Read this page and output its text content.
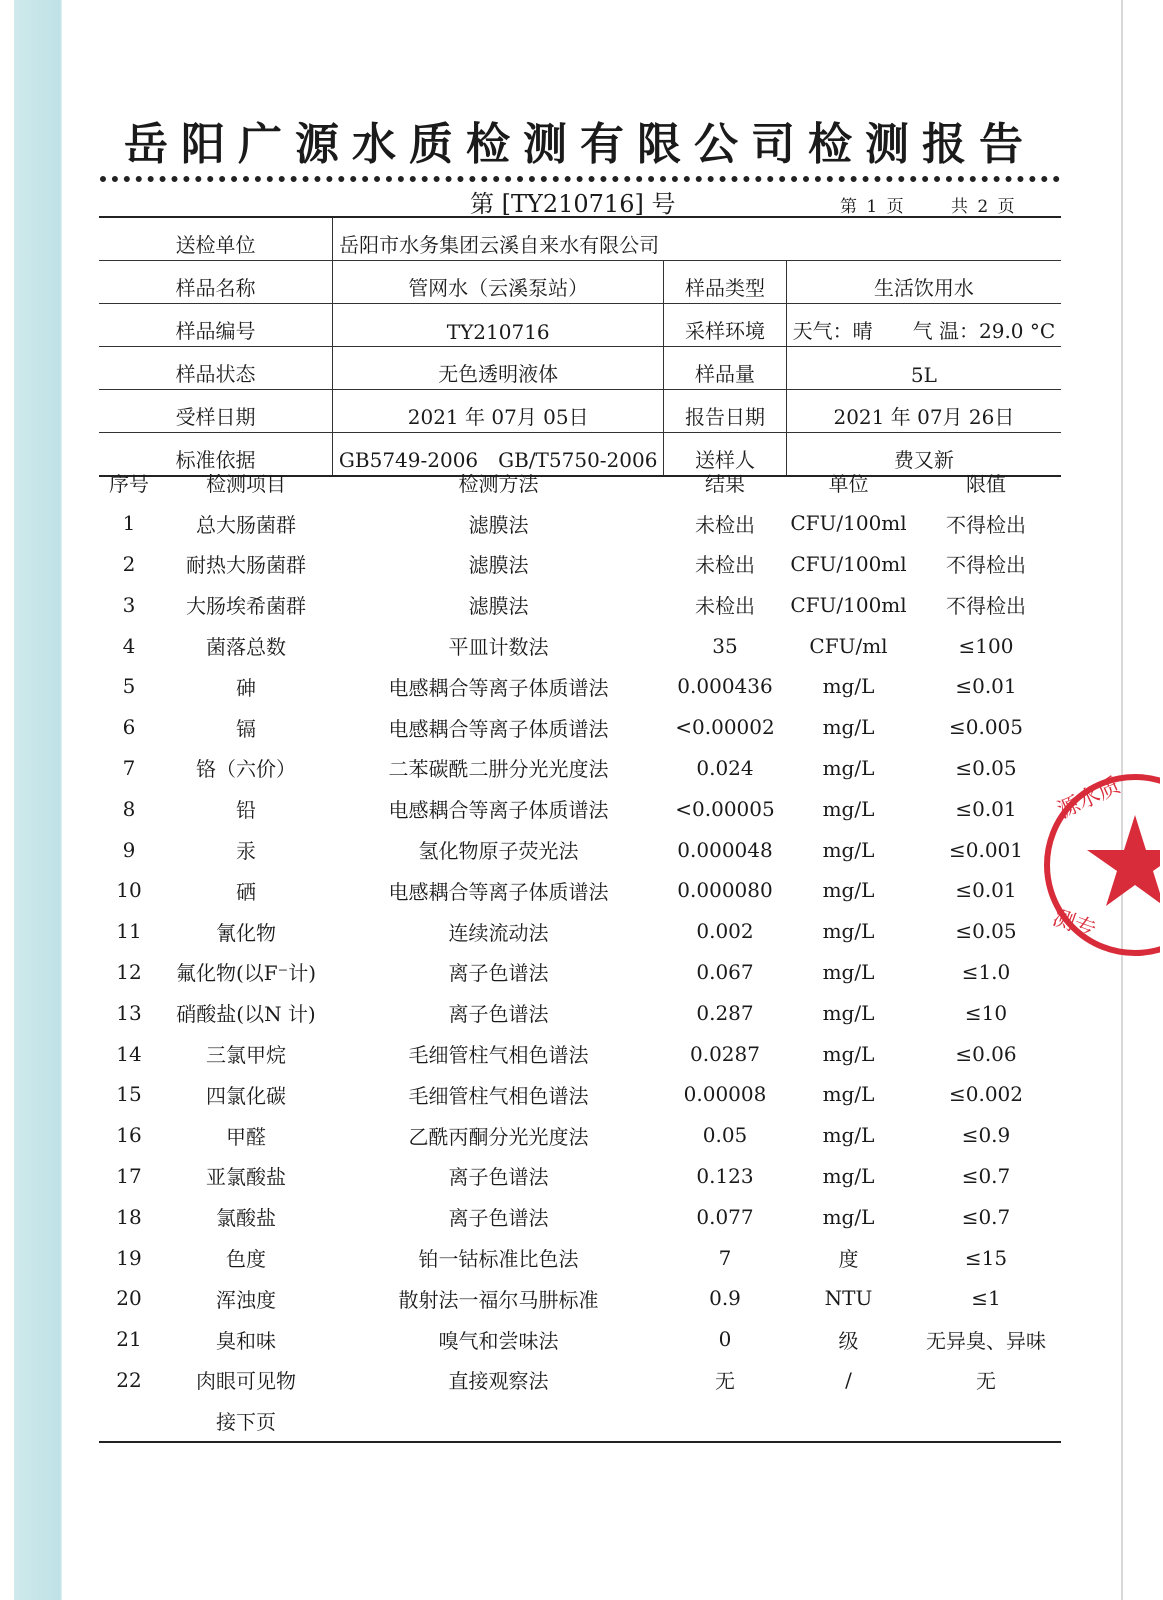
岳阳广源水质检测有限公司检测报告
第 [TY210716] 号	第 1 页	共 2 页
送检单位	岳阳市水务集团云溪自来水有限公司		
样品名称	管网水（云溪泵站）	样品类型	生活饮用水
样品编号	TY210716	采样环境	天气：晴　　气 温：29.0 °C
样品状态	无色透明液体	样品量	5L
受样日期	2021 年 07月 05日	报告日期	2021 年 07月 26日
标准依据	GB5749-2006　GB/T5750-2006	送样人	费又新
序号	检测项目	检测方法	结果	单位	限值
1	总大肠菌群	滤膜法	未检出	CFU/100ml	不得检出
2	耐热大肠菌群	滤膜法	未检出	CFU/100ml	不得检出
3	大肠埃希菌群	滤膜法	未检出	CFU/100ml	不得检出
4	菌落总数	平皿计数法	35	CFU/ml	≤100
5	砷	电感耦合等离子体质谱法	0.000436	mg/L	≤0.01
6	镉	电感耦合等离子体质谱法	<0.00002	mg/L	≤0.005
7	铬（六价）	二苯碳酰二肼分光光度法	0.024	mg/L	≤0.05
8	铅	电感耦合等离子体质谱法	<0.00005	mg/L	≤0.01
9	汞	氢化物原子荧光法	0.000048	mg/L	≤0.001
10	硒	电感耦合等离子体质谱法	0.000080	mg/L	≤0.01
11	氰化物	连续流动法	0.002	mg/L	≤0.05
12	氟化物(以F⁻计)	离子色谱法	0.067	mg/L	≤1.0
13	硝酸盐(以N 计)	离子色谱法	0.287	mg/L	≤10
14	三氯甲烷	毛细管柱气相色谱法	0.0287	mg/L	≤0.06
15	四氯化碳	毛细管柱气相色谱法	0.00008	mg/L	≤0.002
16	甲醛	乙酰丙酮分光光度法	0.05	mg/L	≤0.9
17	亚氯酸盐	离子色谱法	0.123	mg/L	≤0.7
18	氯酸盐	离子色谱法	0.077	mg/L	≤0.7
19	色度	铂一钴标准比色法	7	度	≤15
20	浑浊度	散射法一福尔马肼标准	0.9	NTU	≤1
21	臭和味	嗅气和尝味法	0	级	无异臭、异味
22	肉眼可见物	直接观察法	无	/	无
	接下页				
源水质
测专
